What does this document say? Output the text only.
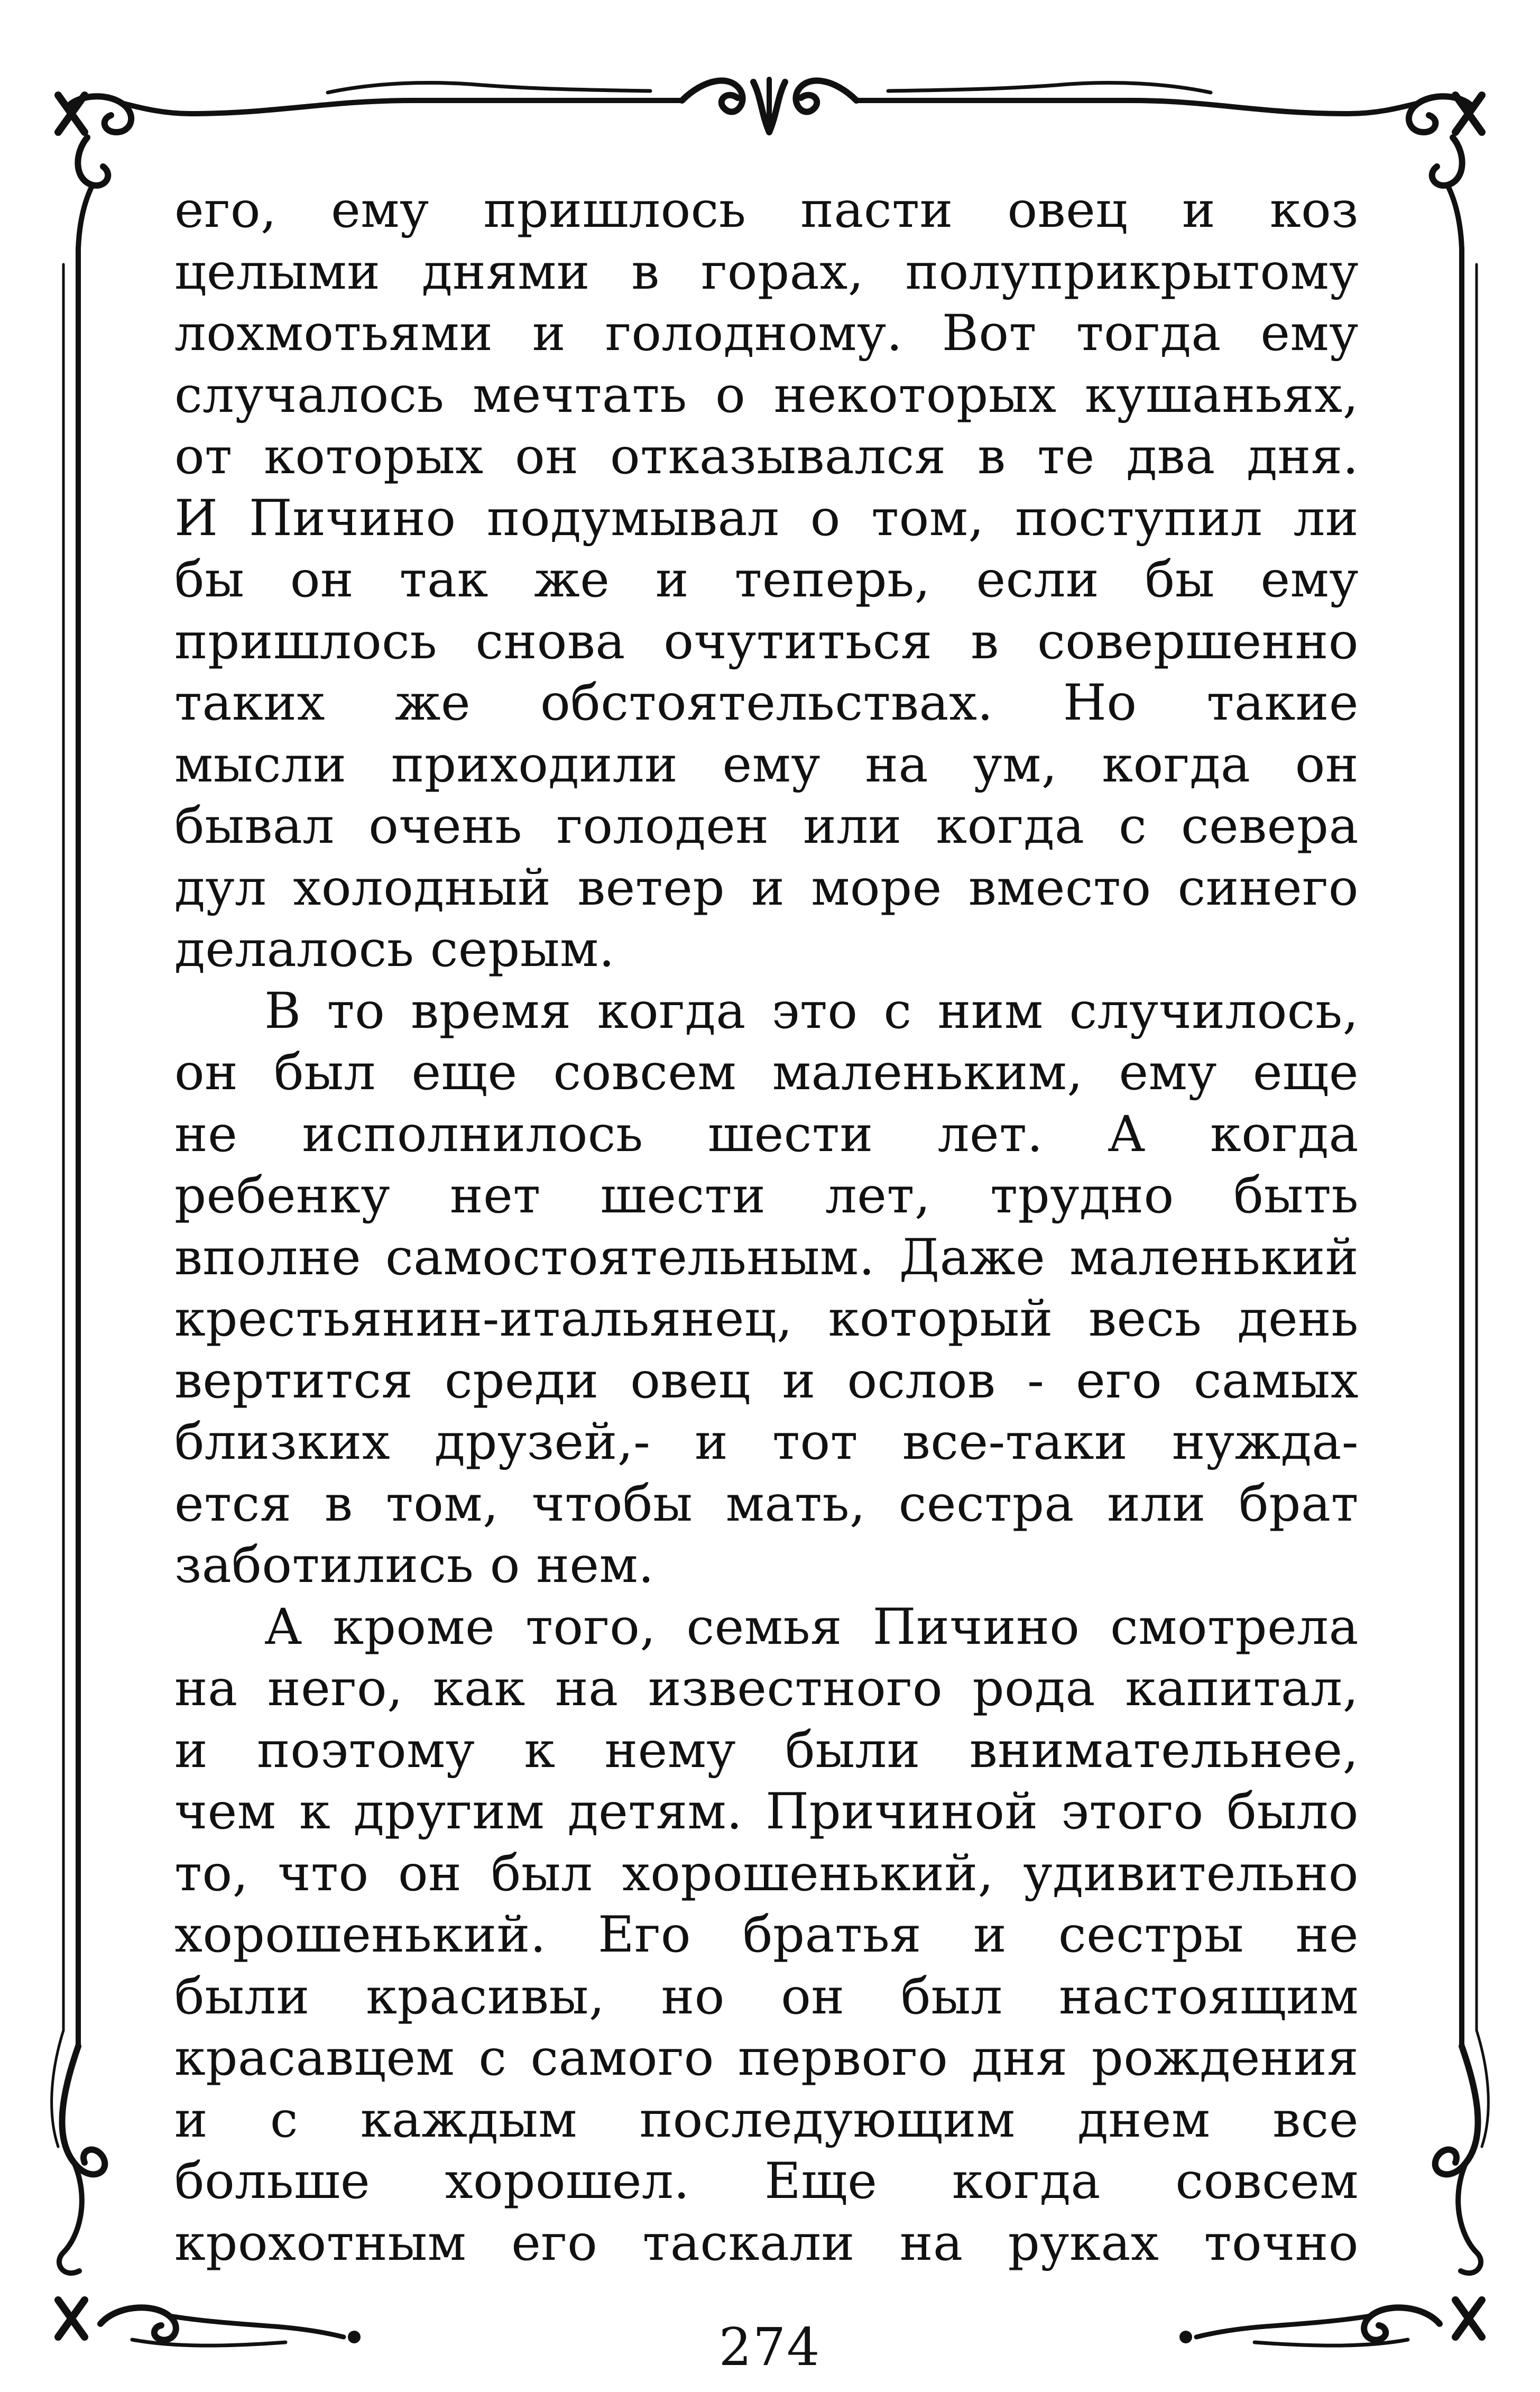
его, ему пришлось пасти овец и коз
целыми днями в горах, полуприкрытому
лохмотьями и голодному. Вот тогда ему
случалось мечтать о некоторых кушаньях,
от которых он отказывался в те два дня.
И Пичино подумывал о том, поступил ли
бы он так же и теперь, если бы ему
пришлось снова очутиться в совершенно
таких же обстоятельствах. Но такие
мысли приходили ему на ум, когда он
бывал очень голоден или когда с севера
дул холодный ветер и море вместо синего
делалось серым.
В то время когда это с ним случилось,
он был еще совсем маленьким, ему еще
не исполнилось шести лет. А когда
ребенку нет шести лет, трудно быть
вполне самостоятельным. Даже маленький
крестьянин-итальянец, который весь день
вертится среди овец и ослов - его самых
близких друзей,- и тот все-таки нужда-
ется в том, чтобы мать, сестра или брат
заботились о нем.
А кроме того, семья Пичино смотрела
на него, как на известного рода капитал,
и поэтому к нему были внимательнее,
чем к другим детям. Причиной этого было
то, что он был хорошенький, удивительно
хорошенький. Его братья и сестры не
были красивы, но он был настоящим
красавцем с самого первого дня рождения
и с каждым последующим днем все
больше хорошел. Еще когда совсем
крохотным его таскали на руках точно
274
